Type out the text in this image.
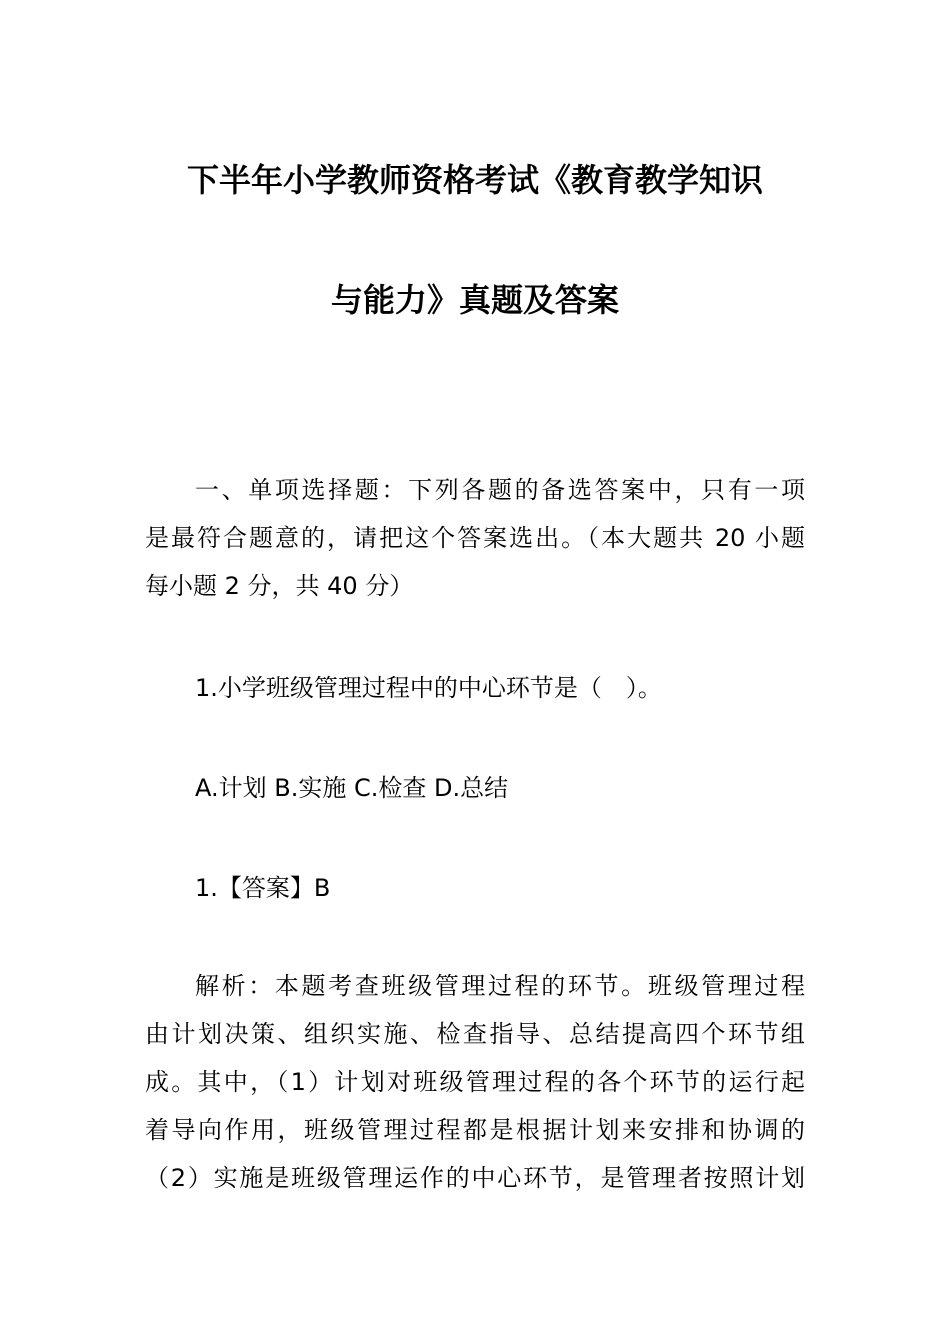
下半年小学教师资格考试《教育教学知识
与能力》真题及答案

一、单项选择题：下列各题的备选答案中，只有一项
是最符合题意的，请把这个答案选出。（本大题共 20 小题
每小题 2 分，共 40 分）

1.小学班级管理过程中的中心环节是（　）。

A.计划 B.实施 C.检查 D.总结

1.【答案】B

解析：本题考查班级管理过程的环节。班级管理过程
由计划决策、组织实施、检查指导、总结提高四个环节组
成。其中，（1）计划对班级管理过程的各个环节的运行起
着导向作用，班级管理过程都是根据计划来安排和协调的
（2）实施是班级管理运作的中心环节，是管理者按照计划
